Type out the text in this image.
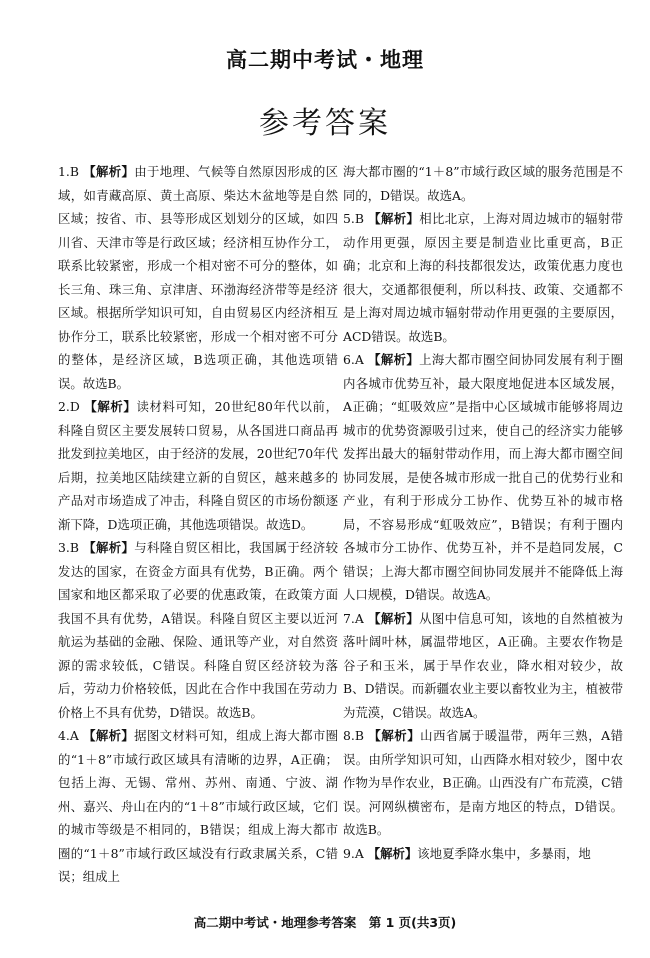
高二期中考试・地理
参考答案

1.B 【解析】由于地理、气候等自然原因形成的区域，如青藏高原、黄土高原、柴达木盆地等是自然区域；按省、市、县等形成区划划分的区域，如四川省、天津市等是行政区域；经济相互协作分工，联系比较紧密，形成一个相对密不可分的整体，如长三角、珠三角、京津唐、环渤海经济带等是经济区域。根据所学知识可知，自由贸易区内经济相互协作分工，联系比较紧密，形成一个相对密不可分的整体，是经济区域，B选项正确，其他选项错误。故选B。

2.D 【解析】读材料可知，20世纪80年代以前，科隆自贸区主要发展转口贸易，从各国进口商品再批发到拉美地区，由于经济的发展，20世纪70年代后期，拉美地区陆续建立新的自贸区，越来越多的产品对市场造成了冲击，科隆自贸区的市场份额逐渐下降，D选项正确，其他选项错误。故选D。

3.B 【解析】与科隆自贸区相比，我国属于经济较发达的国家，在资金方面具有优势，B正确。两个国家和地区都采取了必要的优惠政策，在政策方面我国不具有优势，A错误。科隆自贸区主要以近河航运为基础的金融、保险、通讯等产业，对自然资源的需求较低，C错误。科隆自贸区经济较为落后，劳动力价格较低，因此在合作中我国在劳动力价格上不具有优势，D错误。故选B。

4.A 【解析】据图文材料可知，组成上海大都市圈的“1＋8”市域行政区域具有清晰的边界，A正确；包括上海、无锡、常州、苏州、南通、宁波、湖州、嘉兴、舟山在内的“1＋8”市域行政区域，它们的城市等级是不相同的，B错误；组成上海大都市圈的“1＋8”市域行政区域没有行政隶属关系，C错误；组成上

海大都市圈的“1＋8”市域行政区域的服务范围是不同的，D错误。故选A。

5.B 【解析】相比北京，上海对周边城市的辐射带动作用更强，原因主要是制造业比重更高，B正确；北京和上海的科技都很发达，政策优惠力度也很大，交通都很便利，所以科技、政策、交通都不是上海对周边城市辐射带动作用更强的主要原因，ACD错误。故选B。

6.A 【解析】上海大都市圈空间协同发展有利于圈内各城市优势互补，最大限度地促进本区域发展，A正确；“虹吸效应”是指中心区域城市能够将周边城市的优势资源吸引过来，使自己的经济实力能够发挥出最大的辐射带动作用，而上海大都市圈空间协同发展，是使各城市形成一批自己的优势行业和产业，有利于形成分工协作、优势互补的城市格局，不容易形成“虹吸效应”，B错误；有利于圈内各城市分工协作、优势互补，并不是趋同发展，C错误；上海大都市圈空间协同发展并不能降低上海人口规模，D错误。故选A。

7.A 【解析】从图中信息可知，该地的自然植被为落叶阔叶林，属温带地区，A正确。主要农作物是谷子和玉米，属于旱作农业，降水相对较少，故B、D错误。而新疆农业主要以畜牧业为主，植被带为荒漠，C错误。故选A。

8.B 【解析】山西省属于暖温带，两年三熟，A错误。由所学知识可知，山西降水相对较少，图中农作物为旱作农业，B正确。山西没有广布荒漠，C错误。河网纵横密布，是南方地区的特点，D错误。故选B。

9.A 【解析】该地夏季降水集中，多暴雨，地

高二期中考试・地理参考答案　第 1 页(共3页)
